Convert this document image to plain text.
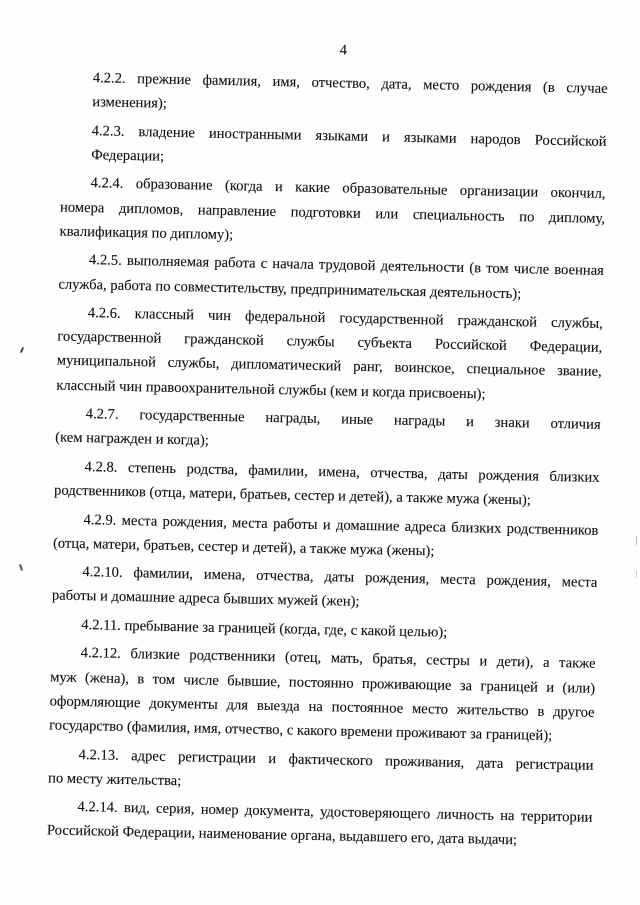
4
4.2.2. прежние фамилия, имя, отчество, дата, место рождения (в случае
изменения);
4.2.3. владение иностранными языками и языками народов Российской
Федерации;
4.2.4. образование (когда и какие образовательные организации окончил,
номера дипломов, направление подготовки или специальность по диплому,
квалификация по диплому);
4.2.5. выполняемая работа с начала трудовой деятельности (в том числе военная
служба, работа по совместительству, предпринимательская деятельность);
4.2.6. классный чин федеральной государственной гражданской службы,
государственной гражданской службы субъекта Российской Федерации,
муниципальной службы, дипломатический ранг, воинское, специальное звание,
классный чин правоохранительной службы (кем и когда присвоены);
4.2.7. государственные награды, иные награды и знаки отличия
(кем награжден и когда);
4.2.8. степень родства, фамилии, имена, отчества, даты рождения близких
родственников (отца, матери, братьев, сестер и детей), а также мужа (жены);
4.2.9. места рождения, места работы и домашние адреса близких родственников
(отца, матери, братьев, сестер и детей), а также мужа (жены);
4.2.10. фамилии, имена, отчества, даты рождения, места рождения, места
работы и домашние адреса бывших мужей (жен);
4.2.11. пребывание за границей (когда, где, с какой целью);
4.2.12. близкие родственники (отец, мать, братья, сестры и дети), а также
муж (жена), в том числе бывшие, постоянно проживающие за границей и (или)
оформляющие документы для выезда на постоянное место жительство в другое
государство (фамилия, имя, отчество, с какого времени проживают за границей);
4.2.13. адрес регистрации и фактического проживания, дата регистрации
по месту жительства;
4.2.14. вид, серия, номер документа, удостоверяющего личность на территории
Российской Федерации, наименование органа, выдавшего его, дата выдачи;
